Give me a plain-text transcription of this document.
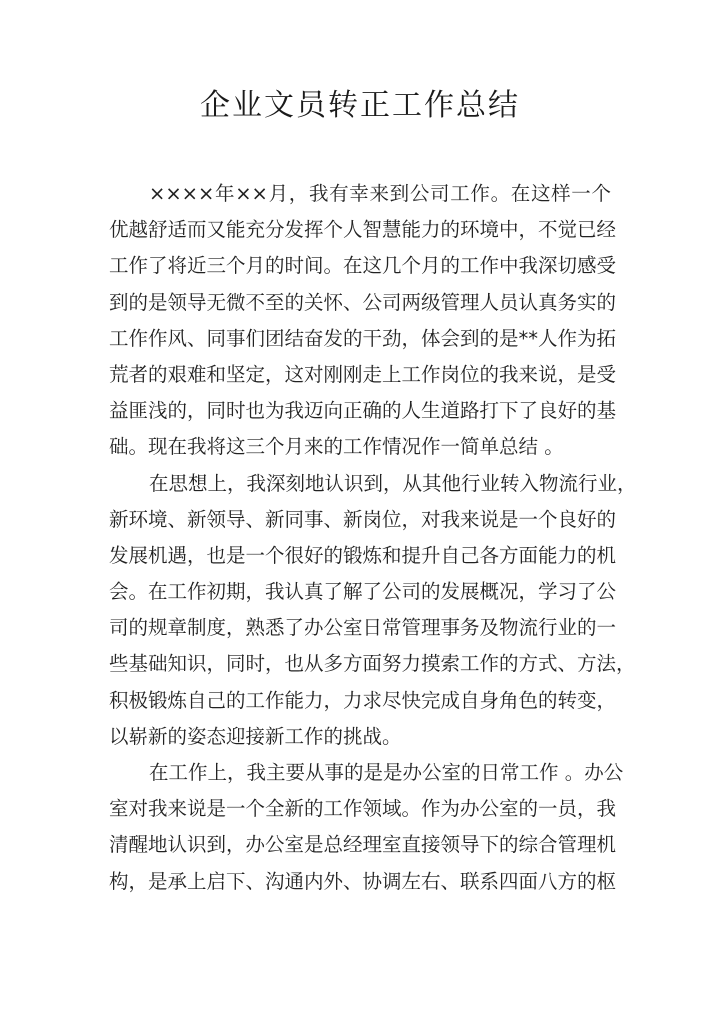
企业文员转正工作总结
××××年××月，我有幸来到公司工作。在这样一个
优越舒适而又能充分发挥个人智慧能力的环境中，不觉已经
工作了将近三个月的时间。在这几个月的工作中我深切感受
到的是领导无微不至的关怀、公司两级管理人员认真务实的
工作作风、同事们团结奋发的干劲，体会到的是**人作为拓
荒者的艰难和坚定，这对刚刚走上工作岗位的我来说，是受
益匪浅的，同时也为我迈向正确的人生道路打下了良好的基
础。现在我将这三个月来的工作情况作一简单总结 。
在思想上，我深刻地认识到，从其他行业转入物流行业，
新环境、新领导、新同事、新岗位，对我来说是一个良好的
发展机遇，也是一个很好的锻炼和提升自己各方面能力的机
会。在工作初期，我认真了解了公司的发展概况，学习了公
司的规章制度，熟悉了办公室日常管理事务及物流行业的一
些基础知识，同时，也从多方面努力摸索工作的方式、方法，
积极锻炼自己的工作能力，力求尽快完成自身角色的转变，
以崭新的姿态迎接新工作的挑战。
在工作上，我主要从事的是是办公室的日常工作 。办公
室对我来说是一个全新的工作领域。作为办公室的一员，我
清醒地认识到，办公室是总经理室直接领导下的综合管理机
构，是承上启下、沟通内外、协调左右、联系四面八方的枢
